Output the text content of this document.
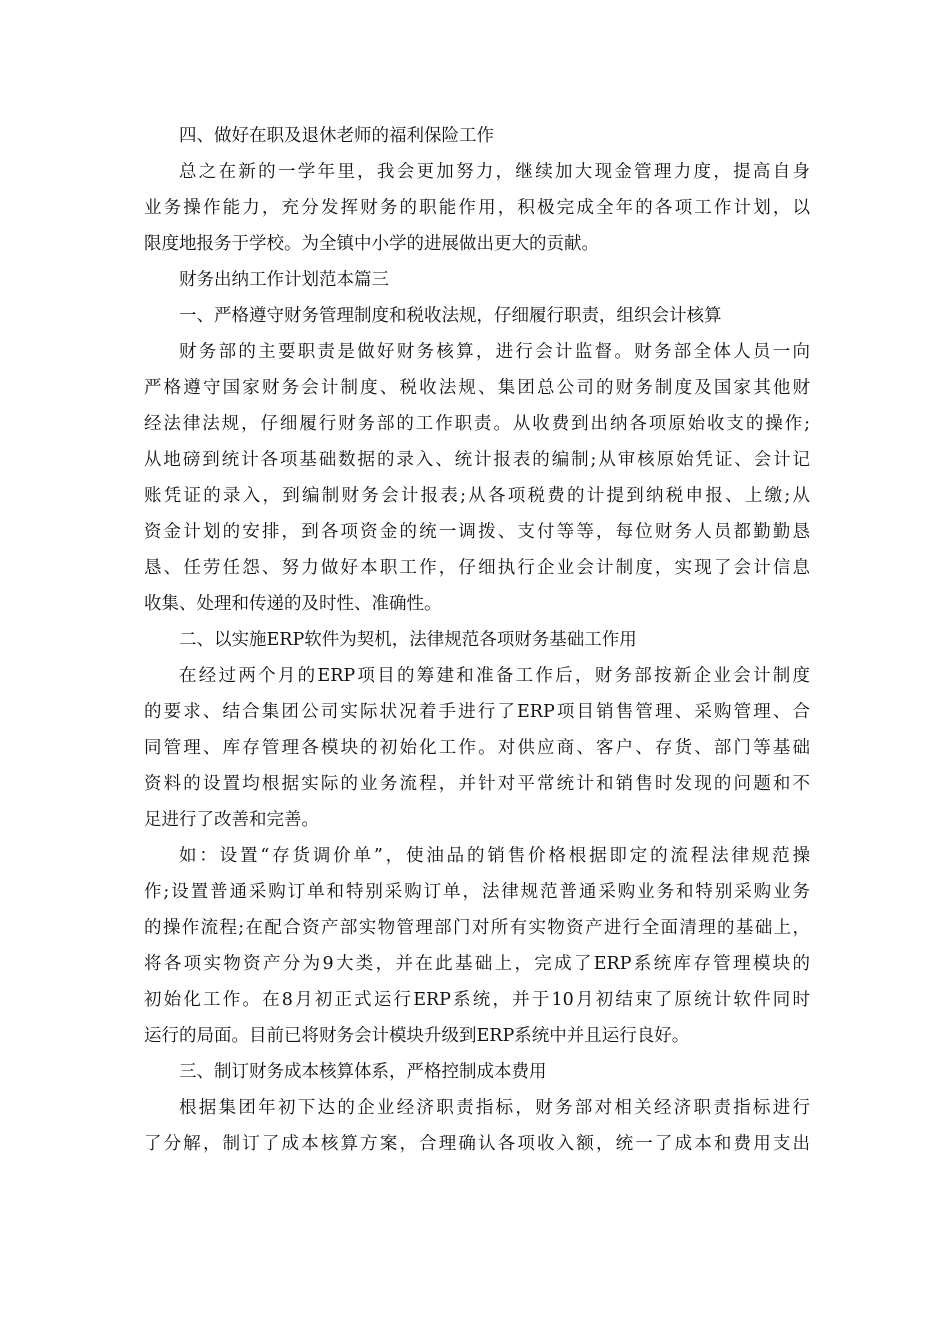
四、做好在职及退休老师的福利保险工作
总之在新的一学年里，我会更加努力，继续加大现金管理力度，提高自身
业务操作能力，充分发挥财务的职能作用，积极完成全年的各项工作计划，以
限度地报务于学校。为全镇中小学的进展做出更大的贡献。
财务出纳工作计划范本篇三
一、严格遵守财务管理制度和税收法规，仔细履行职责，组织会计核算
财务部的主要职责是做好财务核算，进行会计监督。财务部全体人员一向
严格遵守国家财务会计制度、税收法规、集团总公司的财务制度及国家其他财
经法律法规，仔细履行财务部的工作职责。从收费到出纳各项原始收支的操作;
从地磅到统计各项基础数据的录入、统计报表的编制;从审核原始凭证、会计记
账凭证的录入，到编制财务会计报表;从各项税费的计提到纳税申报、上缴;从
资金计划的安排，到各项资金的统一调拨、支付等等，每位财务人员都勤勤恳
恳、任劳任怨、努力做好本职工作，仔细执行企业会计制度，实现了会计信息
收集、处理和传递的及时性、准确性。
二、以实施ERP软件为契机，法律规范各项财务基础工作用
在经过两个月的ERP项目的筹建和准备工作后，财务部按新企业会计制度
的要求、结合集团公司实际状况着手进行了ERP项目销售管理、采购管理、合
同管理、库存管理各模块的初始化工作。对供应商、客户、存货、部门等基础
资料的设置均根据实际的业务流程，并针对平常统计和销售时发现的问题和不
足进行了改善和完善。
如：设置“存货调价单”，使油品的销售价格根据即定的流程法律规范操
作;设置普通采购订单和特别采购订单，法律规范普通采购业务和特别采购业务
的操作流程;在配合资产部实物管理部门对所有实物资产进行全面清理的基础上，
将各项实物资产分为9大类，并在此基础上，完成了ERP系统库存管理模块的
初始化工作。在8月初正式运行ERP系统，并于10月初结束了原统计软件同时
运行的局面。目前已将财务会计模块升级到ERP系统中并且运行良好。
三、制订财务成本核算体系，严格控制成本费用
根据集团年初下达的企业经济职责指标，财务部对相关经济职责指标进行
了分解，制订了成本核算方案，合理确认各项收入额，统一了成本和费用支出
